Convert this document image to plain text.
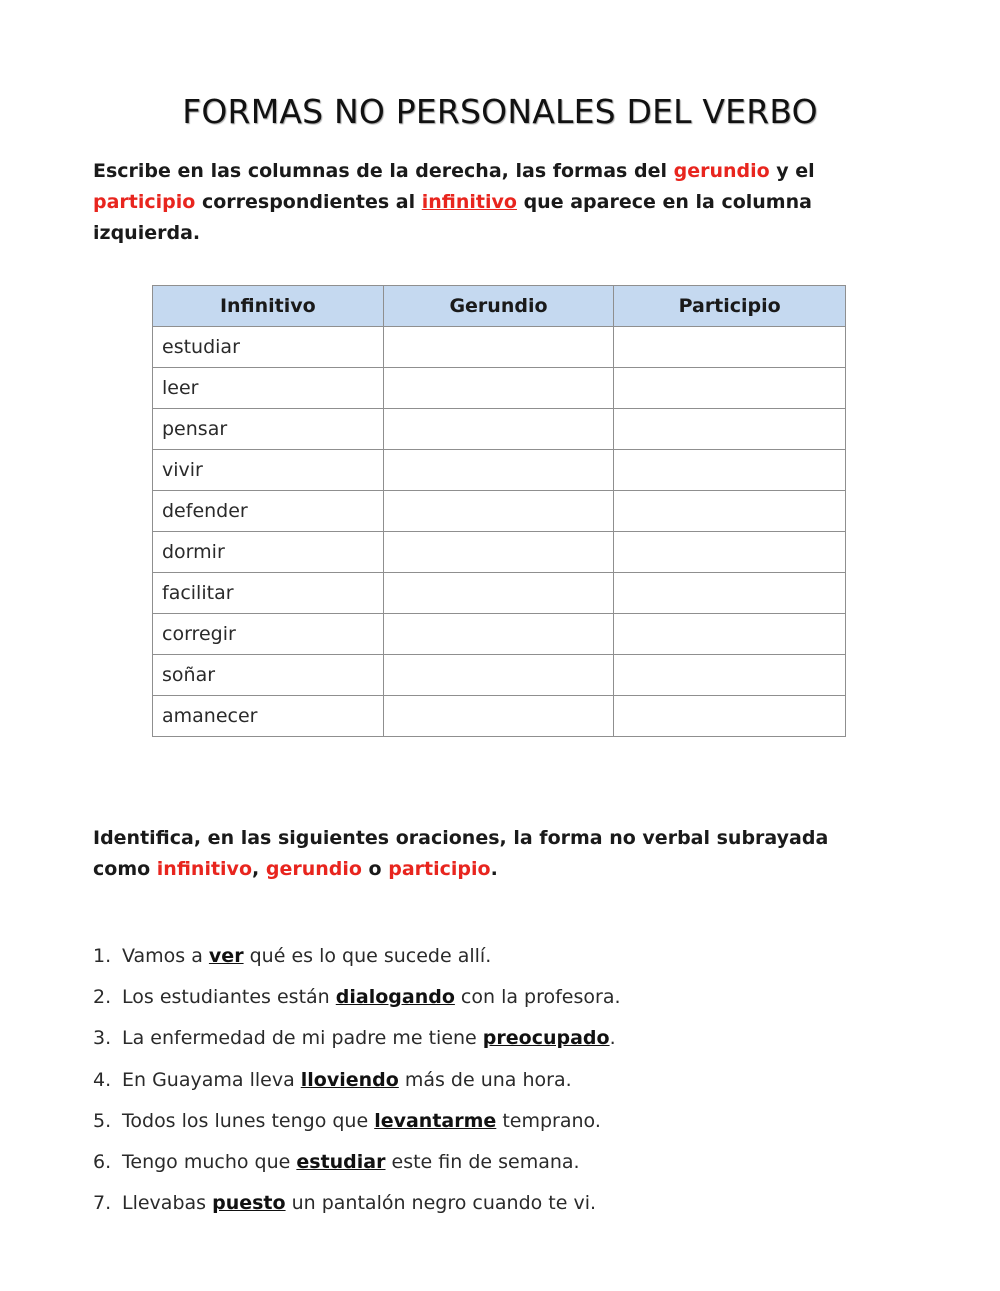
FORMAS NO PERSONALES DEL VERBO
Escribe en las columnas de la derecha, las formas del gerundio y el participio correspondientes al infinitivo que aparece en la columna izquierda.
Infinitivo	Gerundio	Participio
estudiar		
leer		
pensar		
vivir		
defender		
dormir		
facilitar		
corregir		
soñar		
amanecer		
Identifica, en las siguientes oraciones, la forma no verbal subrayada como infinitivo, gerundio o participio.
1. Vamos a ver qué es lo que sucede allí.
2. Los estudiantes están dialogando con la profesora.
3. La enfermedad de mi padre me tiene preocupado.
4. En Guayama lleva lloviendo más de una hora.
5. Todos los lunes tengo que levantarme temprano.
6. Tengo mucho que estudiar este fin de semana.
7. Llevabas puesto un pantalón negro cuando te vi.
